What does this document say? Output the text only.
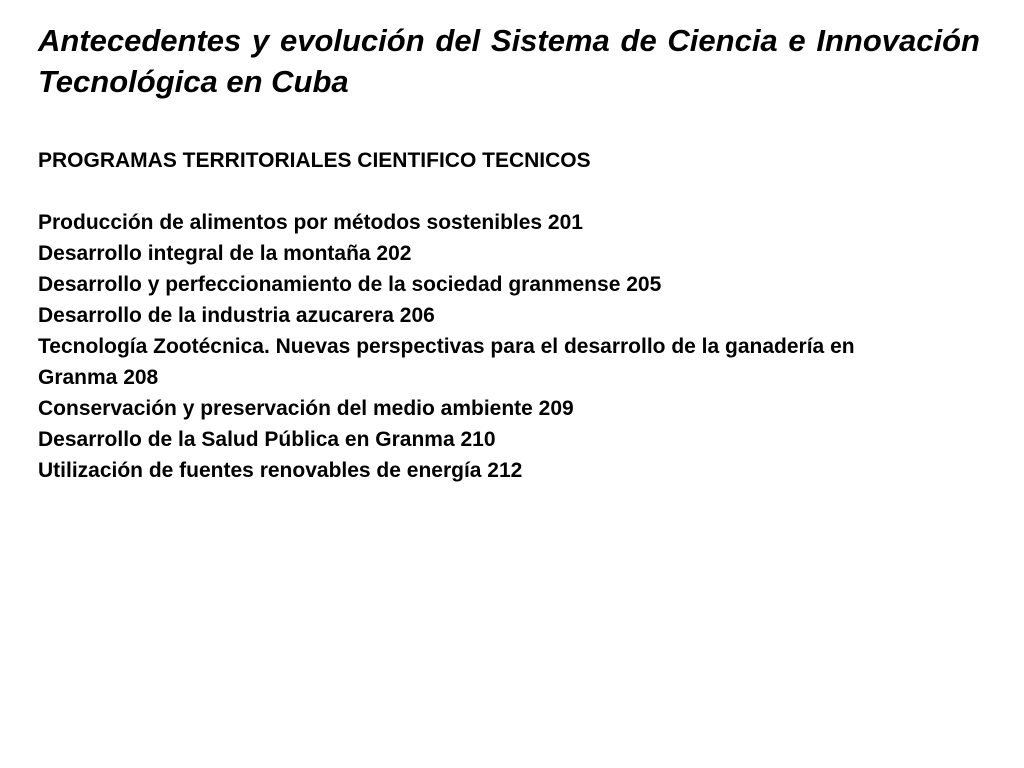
Antecedentes y evolución del Sistema de Ciencia e Innovación Tecnológica en Cuba
PROGRAMAS TERRITORIALES CIENTIFICO TECNICOS
Producción de alimentos por métodos sostenibles 201
Desarrollo integral de la montaña 202
Desarrollo y perfeccionamiento de la sociedad granmense 205
Desarrollo de la industria azucarera 206
Tecnología Zootécnica. Nuevas perspectivas para el desarrollo de la ganadería en Granma 208
Conservación y preservación del medio ambiente 209
Desarrollo de la Salud Pública en Granma 210
Utilización de fuentes renovables de energía 212
